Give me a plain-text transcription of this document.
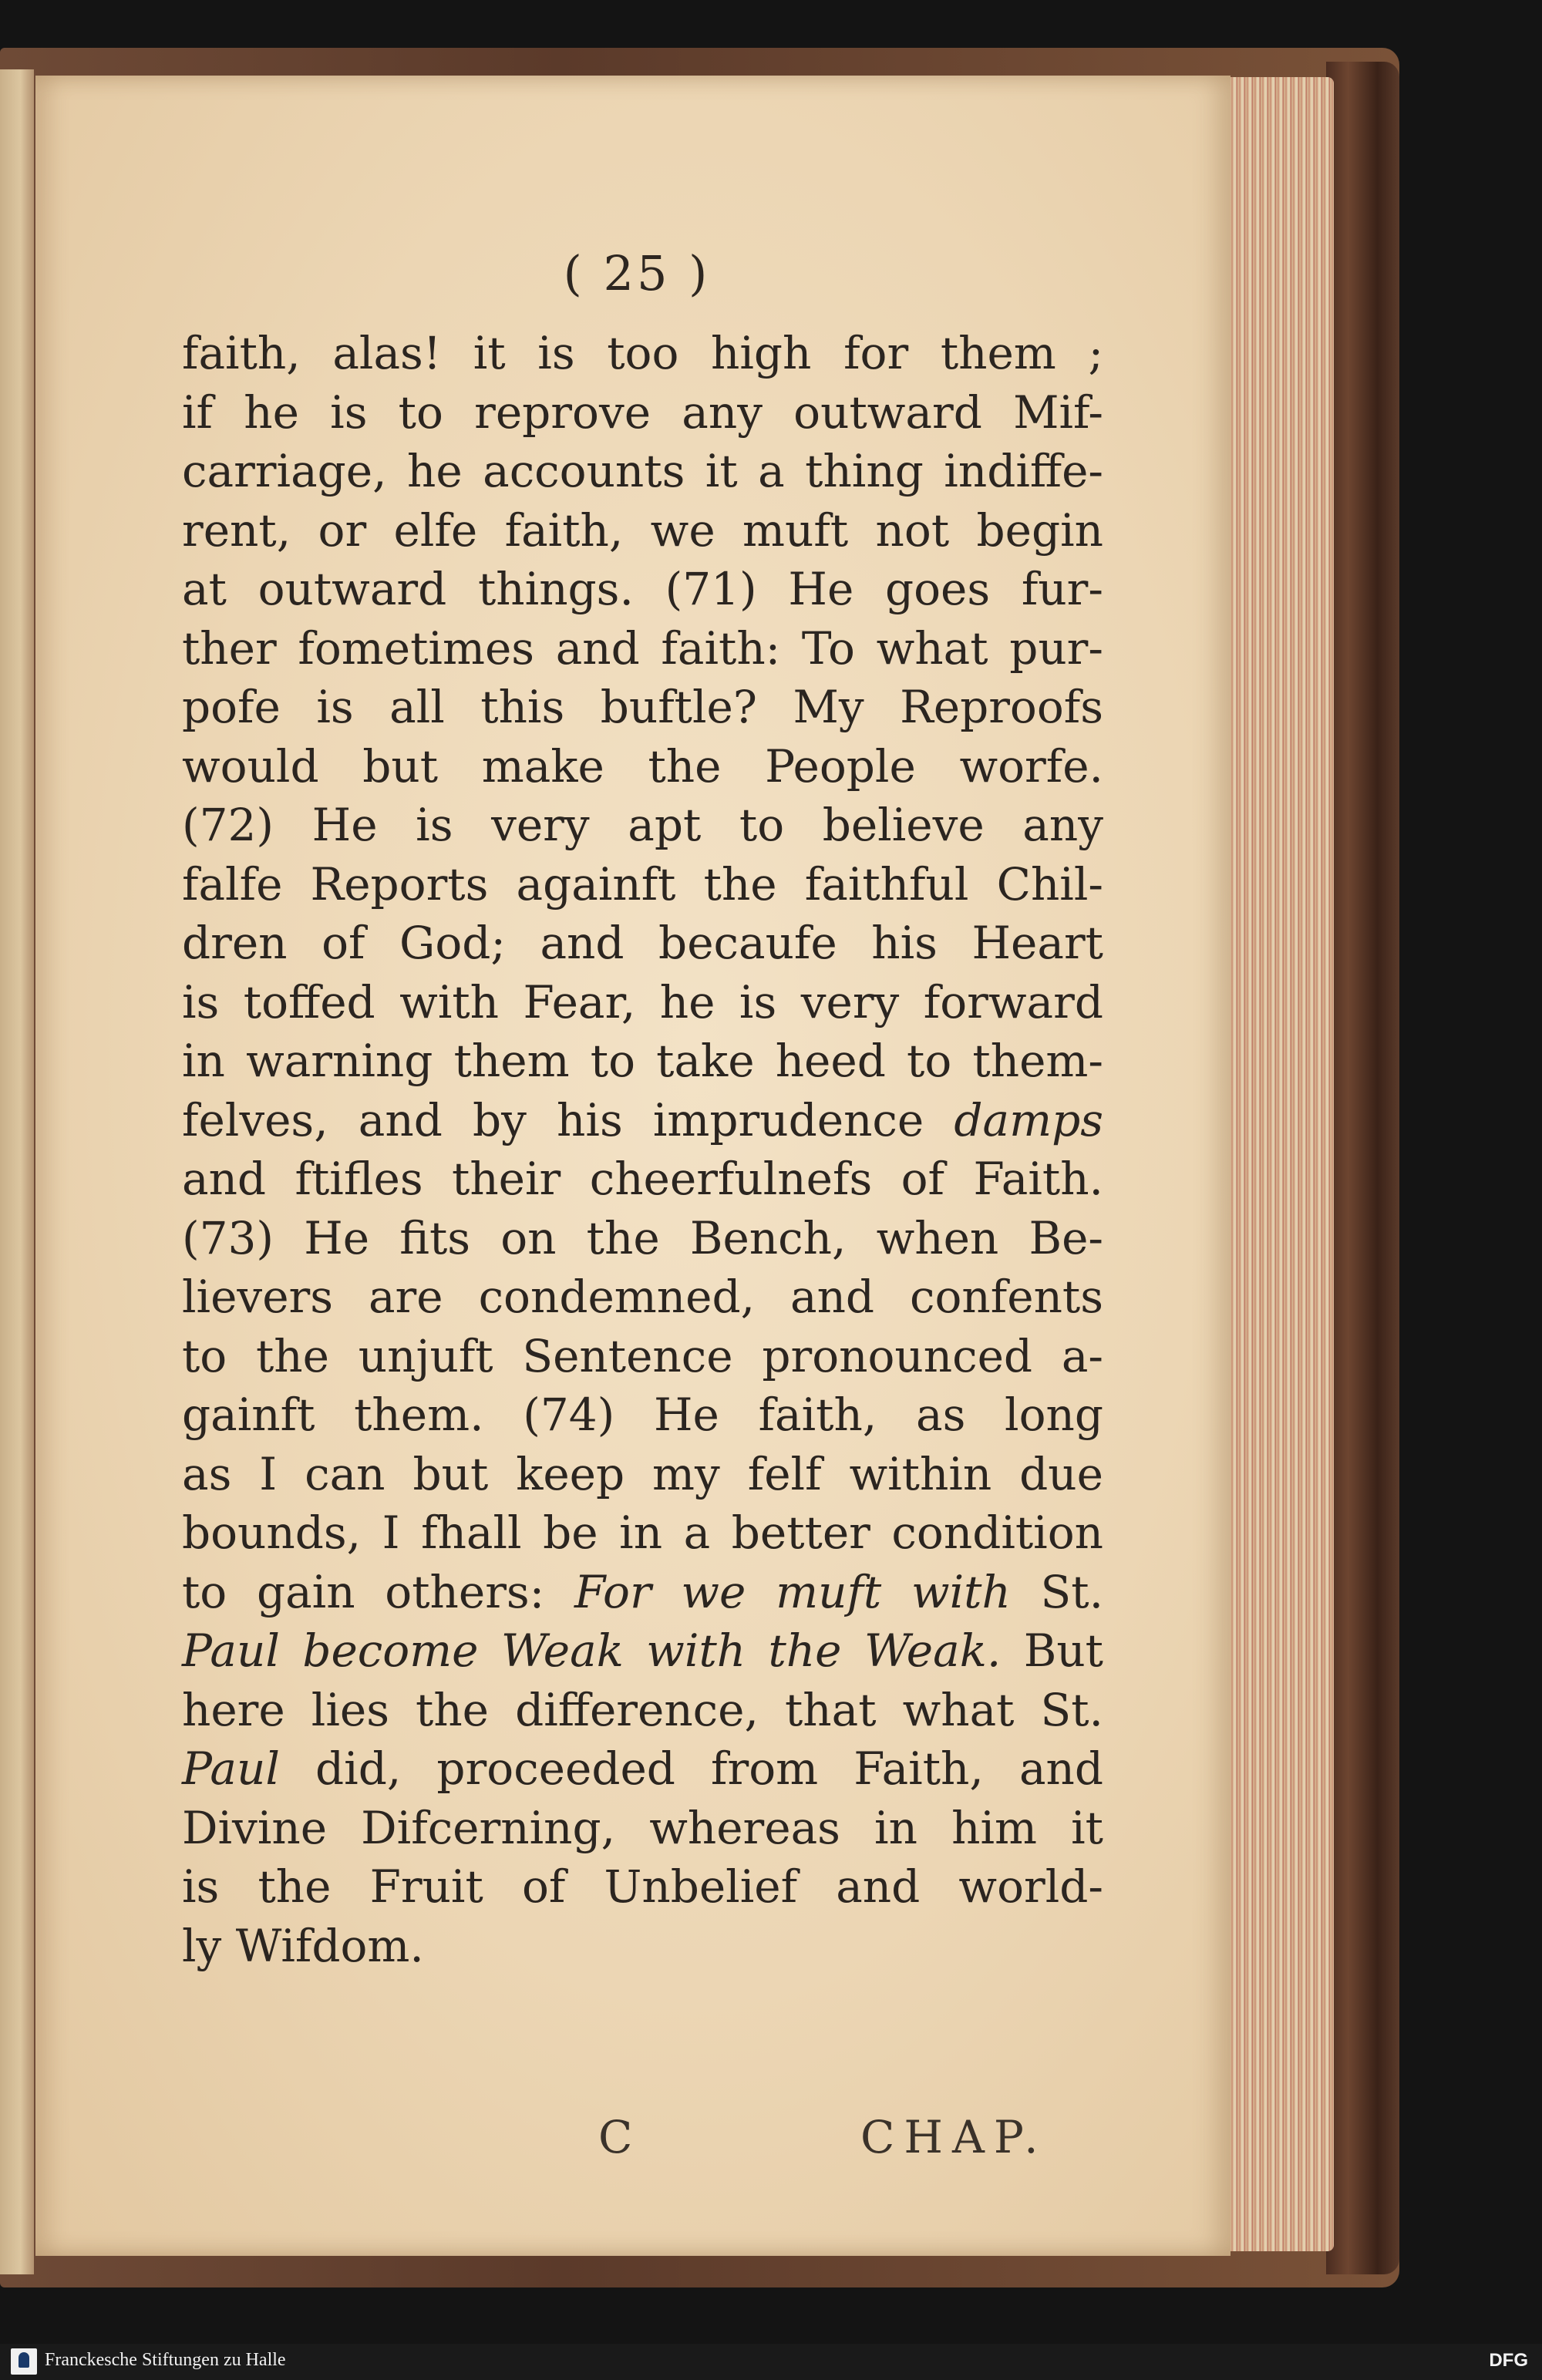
( 25 )
faith, alas! it is too high for them ;
if he is to reprove any outward Mif-
carriage, he accounts it a thing indiffe-
rent, or elfe faith, we muft not begin
at outward things. (71) He goes fur-
ther fometimes and faith: To what pur-
pofe is all this buftle? My Reproofs
would but make the People worfe.
(72) He is very apt to believe any
falfe Reports againft the faithful Chil-
dren of God; and becaufe his Heart
is toffed with Fear, he is very forward
in warning them to take heed to them-
felves, and by his imprudence damps
and ftifles their cheerfulnefs of Faith.
(73) He fits on the Bench, when Be-
lievers are condemned, and confents
to the unjuft Sentence pronounced a-
gainft them. (74) He faith, as long
as I can but keep my felf within due
bounds, I fhall be in a better condition
to gain others: For we muft with St.
Paul become Weak with the Weak. But
here lies the difference, that what St.
Paul did, proceeded from Faith, and
Divine Difcerning, whereas in him it
is the Fruit of Unbelief and world-
ly Wifdom.
C	CHAP.
Franckesche Stiftungen zu Halle	DFG
